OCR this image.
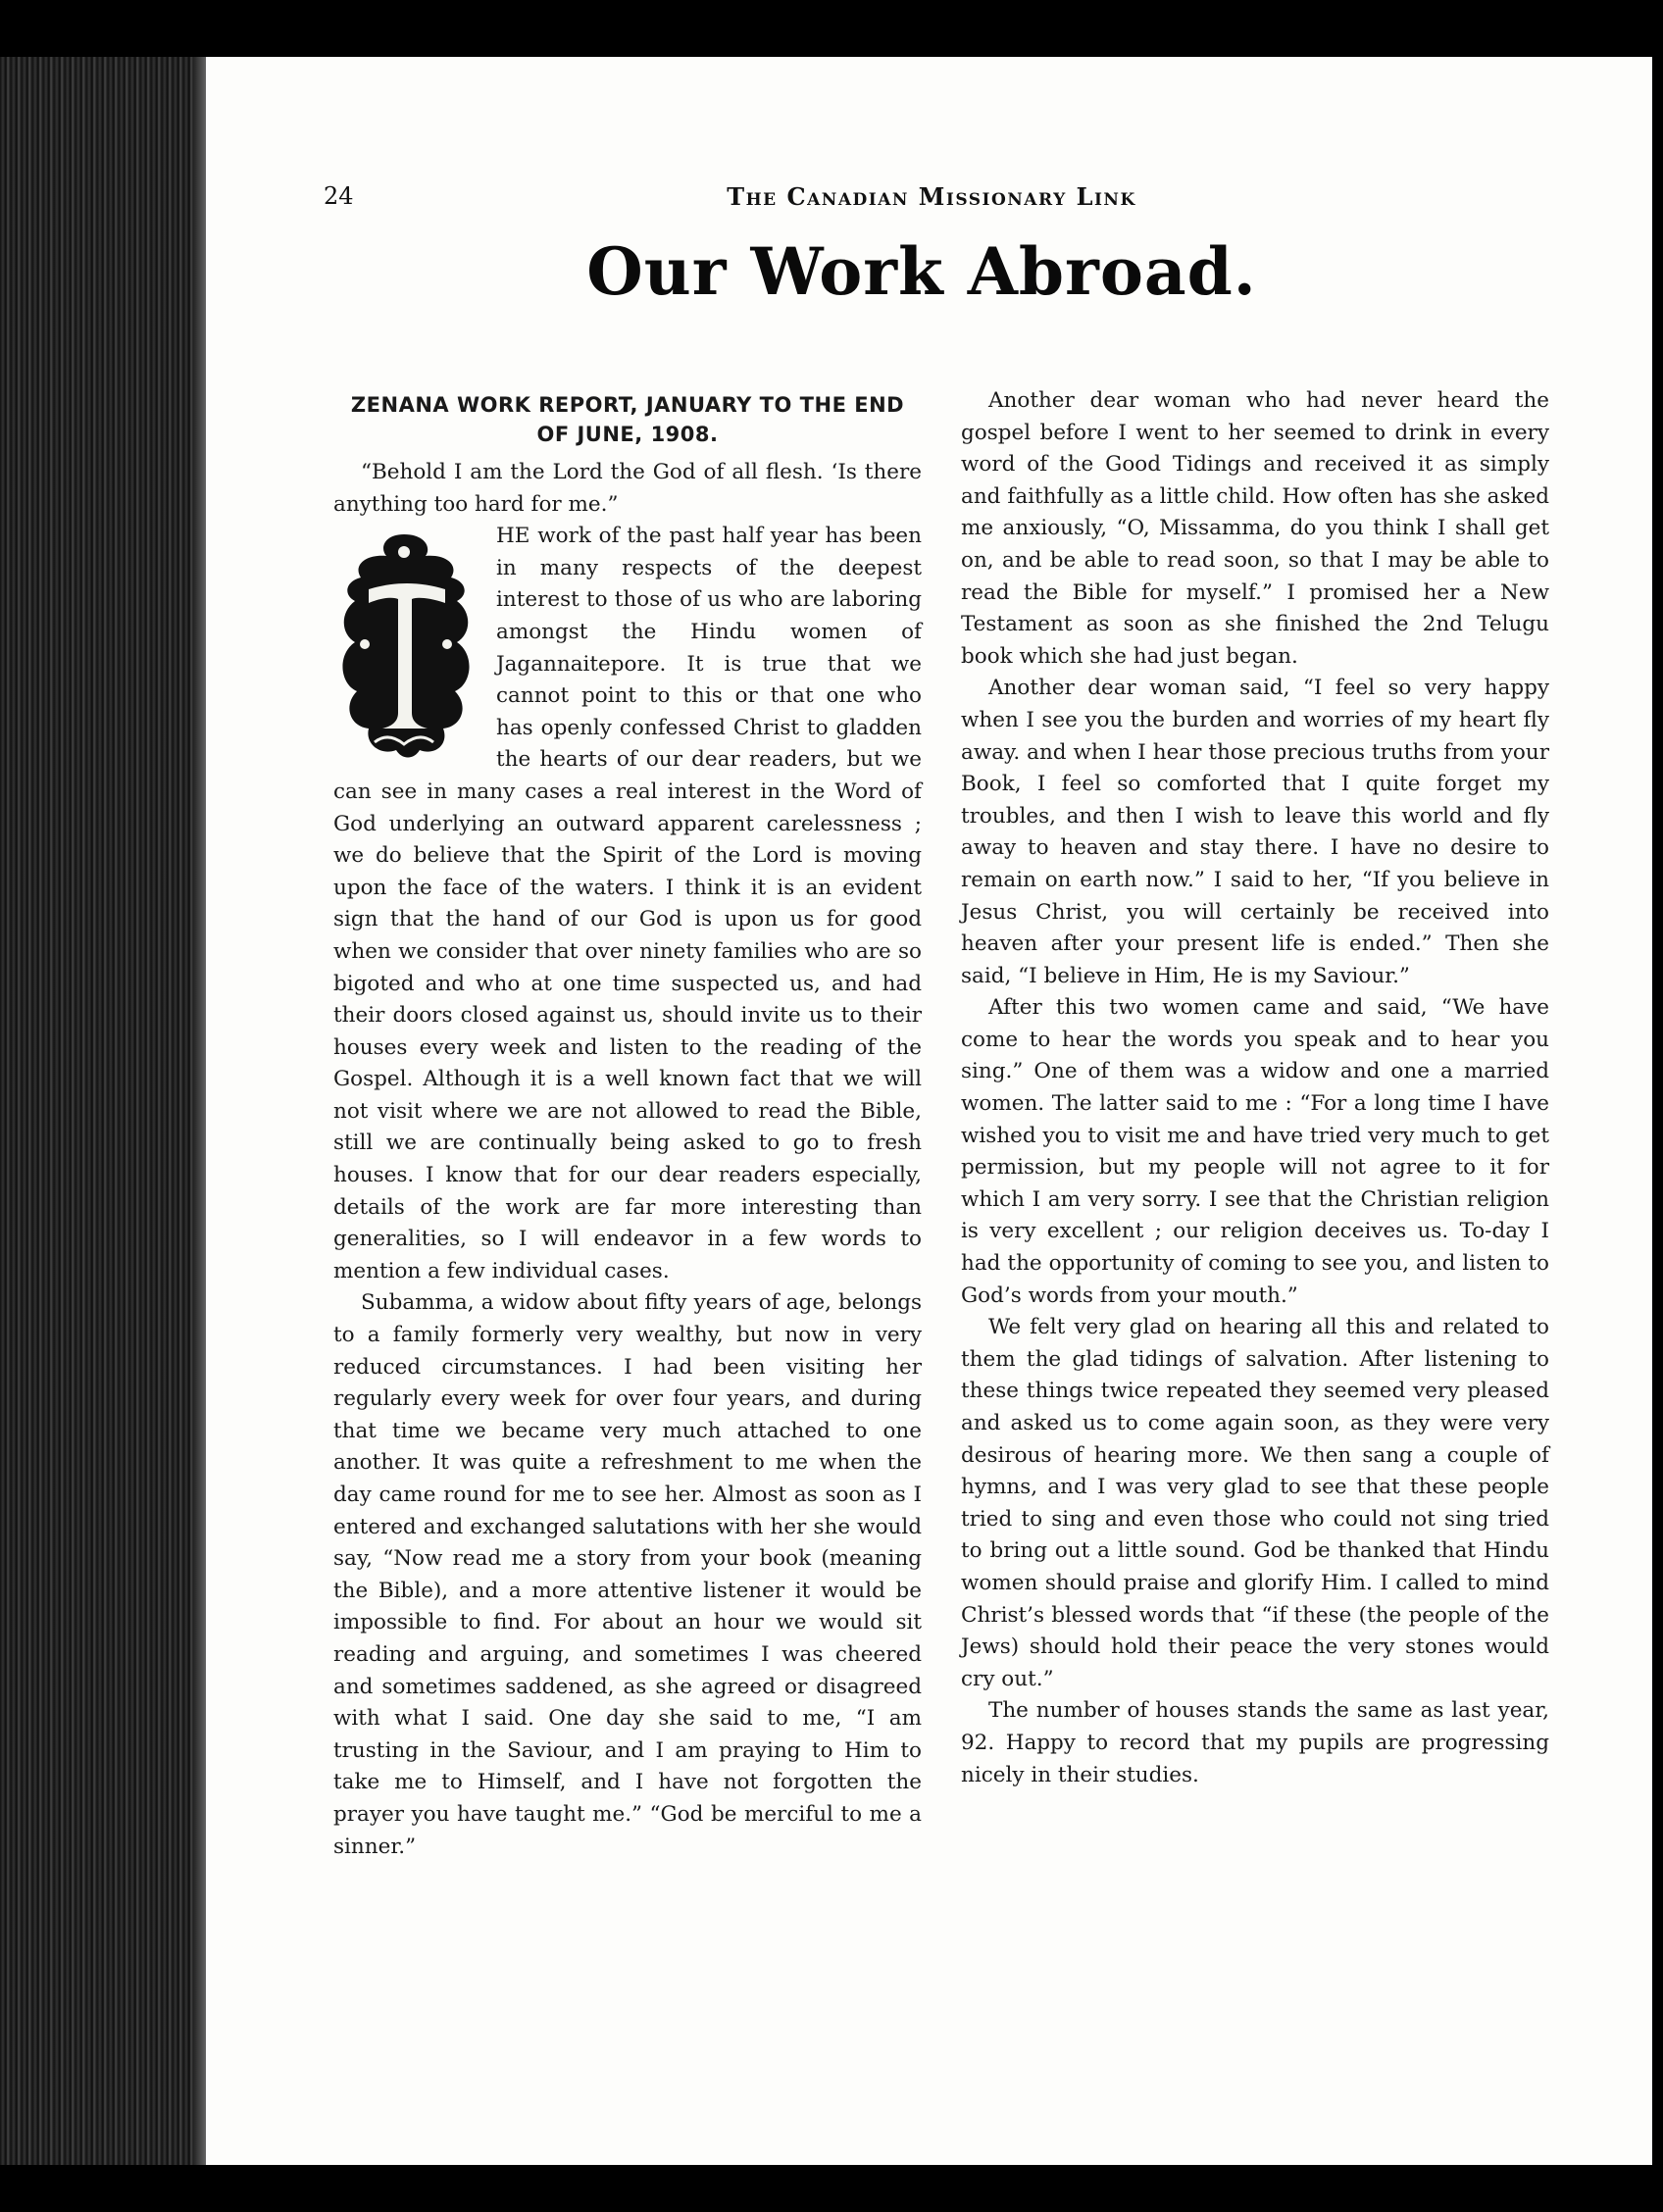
24	The Canadian Missionary Link
Our Work Abroad.
ZENANA WORK REPORT, JANUARY TO THE END OF JUNE, 1908.

“Behold I am the Lord the God of all flesh. ‘Is there anything too hard for me.”

HE work of the past half year has been in many respects of the deepest interest to those of us who are laboring amongst the Hindu women of Jagannaitepore. It is true that we cannot point to this or that one who has openly confessed Christ to gladden the hearts of our dear readers, but we can see in many cases a real interest in the Word of God underlying an outward apparent carelessness ; we do believe that the Spirit of the Lord is moving upon the face of the waters. I think it is an evident sign that the hand of our God is upon us for good when we consider that over ninety families who are so bigoted and who at one time suspected us, and had their doors closed against us, should invite us to their houses every week and listen to the reading of the Gospel. Although it is a well known fact that we will not visit where we are not allowed to read the Bible, still we are continually being asked to go to fresh houses. I know that for our dear readers especially, details of the work are far more interesting than generalities, so I will endeavor in a few words to mention a few individual cases.

Subamma, a widow about fifty years of age, belongs to a family formerly very wealthy, but now in very reduced circumstances. I had been visiting her regularly every week for over four years, and during that time we became very much attached to one another. It was quite a refreshment to me when the day came round for me to see her. Almost as soon as I entered and exchanged salutations with her she would say, “Now read me a story from your book (meaning the Bible), and a more attentive listener it would be impossible to find. For about an hour we would sit reading and arguing, and sometimes I was cheered and sometimes saddened, as she agreed or disagreed with what I said. One day she said to me, “I am trusting in the Saviour, and I am praying to Him to take me to Himself, and I have not forgotten the prayer you have taught me.” “God be merciful to me a sinner.”

Another dear woman who had never heard the gospel before I went to her seemed to drink in every word of the Good Tidings and received it as simply and faithfully as a little child. How often has she asked me anxiously, “O, Missamma, do you think I shall get on, and be able to read soon, so that I may be able to read the Bible for myself.” I promised her a New Testament as soon as she finished the 2nd Telugu book which she had just began.

Another dear woman said, “I feel so very happy when I see you the burden and worries of my heart fly away. and when I hear those precious truths from your Book, I feel so comforted that I quite forget my troubles, and then I wish to leave this world and fly away to heaven and stay there. I have no desire to remain on earth now.” I said to her, “If you believe in Jesus Christ, you will certainly be received into heaven after your present life is ended.” Then she said, “I believe in Him, He is my Saviour.”

After this two women came and said, “We have come to hear the words you speak and to hear you sing.” One of them was a widow and one a married women. The latter said to me : “For a long time I have wished you to visit me and have tried very much to get permission, but my people will not agree to it for which I am very sorry. I see that the Christian religion is very excellent ; our religion deceives us. To-day I had the opportunity of coming to see you, and listen to God’s words from your mouth.”

We felt very glad on hearing all this and related to them the glad tidings of salvation. After listening to these things twice repeated they seemed very pleased and asked us to come again soon, as they were very desirous of hearing more. We then sang a couple of hymns, and I was very glad to see that these people tried to sing and even those who could not sing tried to bring out a little sound. God be thanked that Hindu women should praise and glorify Him. I called to mind Christ’s blessed words that “if these (the people of the Jews) should hold their peace the very stones would cry out.”

The number of houses stands the same as last year, 92. Happy to record that my pupils are progressing nicely in their studies.
